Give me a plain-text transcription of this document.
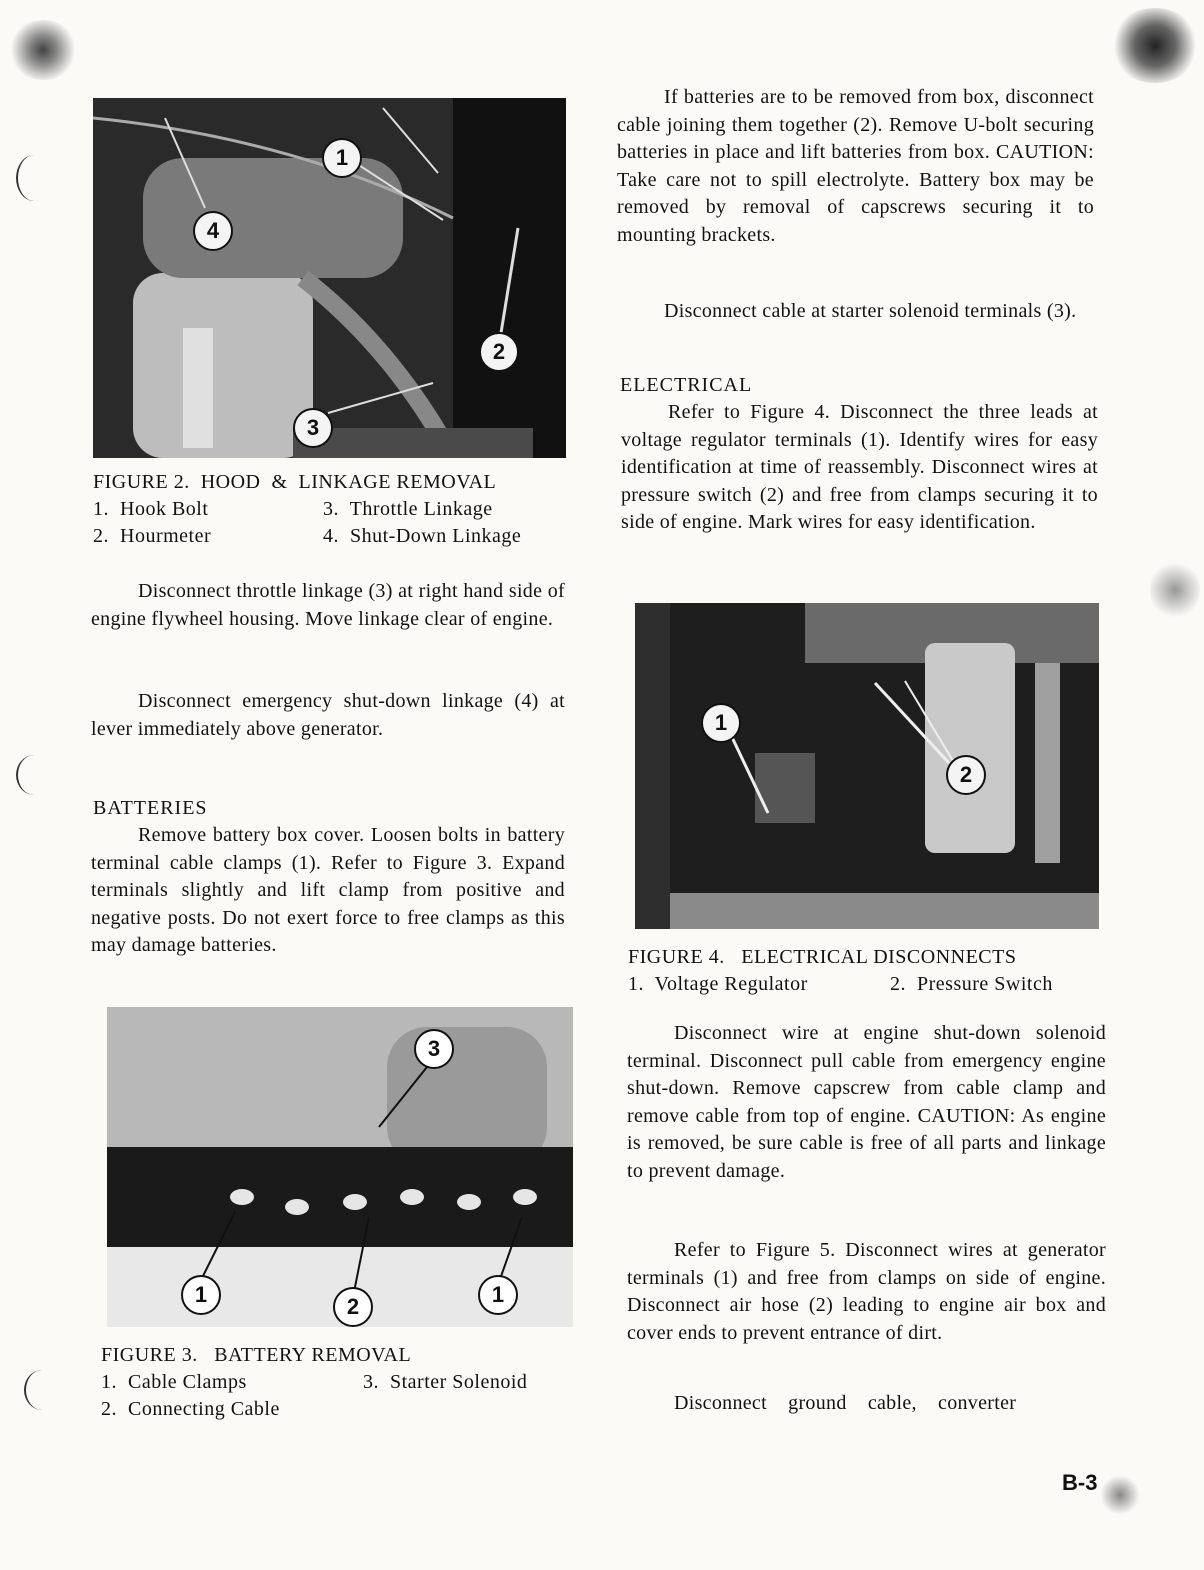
1
2
3
4
FIGURE 2.  HOOD  &  LINKAGE REMOVAL
1.  Hook Bolt	3.  Throttle Linkage
2.  Hourmeter	4.  Shut-Down Linkage
Disconnect throttle linkage (3) at right hand side of engine flywheel housing. Move linkage clear of engine.
Disconnect emergency shut-down linkage (4) at lever immediately above generator.
BATTERIES
Remove battery box cover. Loosen bolts in battery terminal cable clamps (1). Refer to Figure 3. Expand terminals slightly and lift clamp from positive and negative posts. Do not exert force to free clamps as this may damage batteries.
3
1	2	1
FIGURE 3.   BATTERY REMOVAL
1.  Cable Clamps	3.  Starter Solenoid
2.  Connecting Cable
If batteries are to be removed from box, disconnect cable joining them together (2). Remove U-bolt securing batteries in place and lift batteries from box. CAUTION: Take care not to spill electrolyte. Battery box may be removed by removal of capscrews securing it to mounting brackets.
Disconnect cable at starter solenoid terminals (3).
ELECTRICAL
Refer to Figure 4. Disconnect the three leads at voltage regulator terminals (1). Identify wires for easy identification at time of reassembly. Disconnect wires at pressure switch (2) and free from clamps securing it to side of engine. Mark wires for easy identification.
1
2
FIGURE 4.   ELECTRICAL DISCONNECTS
1.  Voltage Regulator	2.  Pressure Switch
Disconnect wire at engine shut-down solenoid terminal. Disconnect pull cable from emergency engine shut-down. Remove capscrew from cable clamp and remove cable from top of engine. CAUTION: As engine is removed, be sure cable is free of all parts and linkage to prevent damage.
Refer to Figure 5. Disconnect wires at generator terminals (1) and free from clamps on side of engine. Disconnect air hose (2) leading to engine air box and cover ends to prevent entrance of dirt.
Disconnect    ground    cable,    converter
B-3
